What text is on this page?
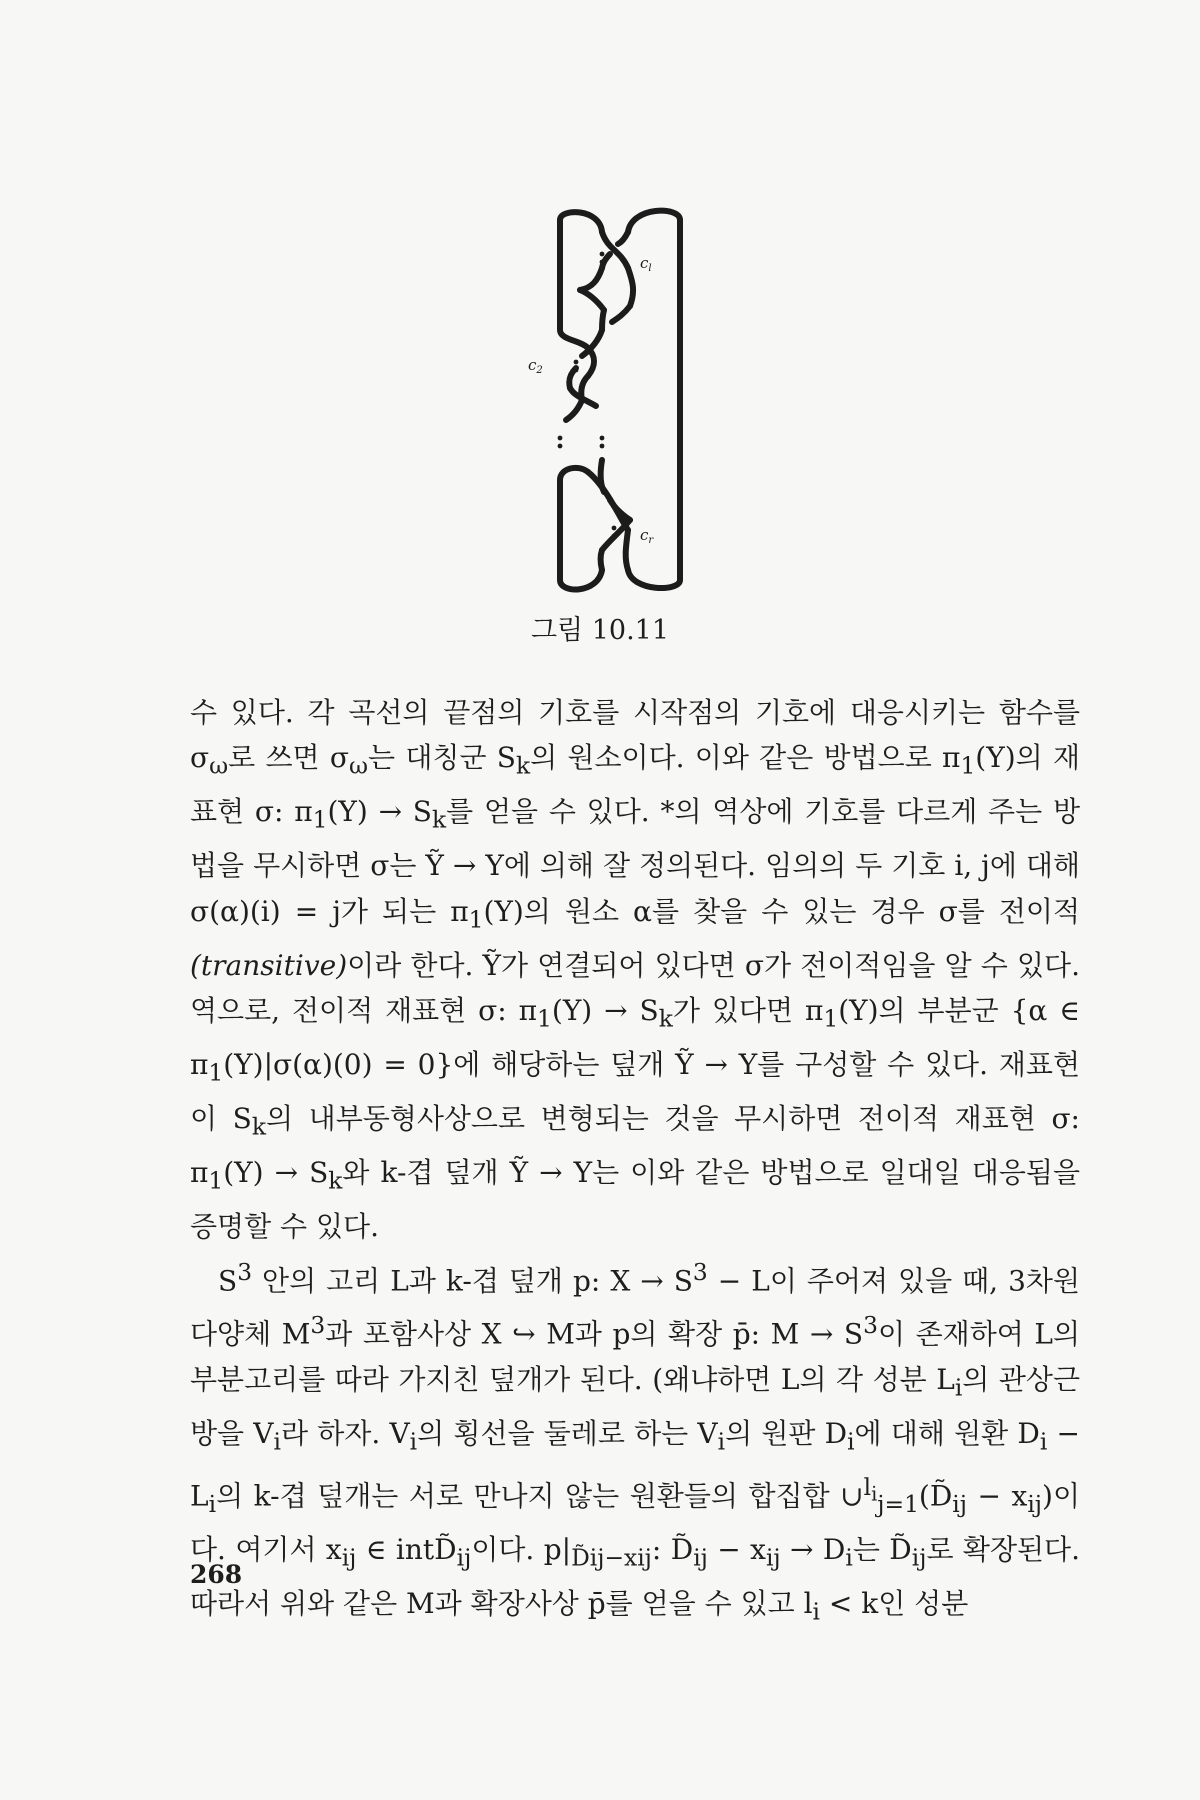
$c_l$
$c_2$
$c_r$
그림 10.11

수 있다. 각 곡선의 끝점의 기호를 시작점의 기호에 대응시키는 함수를 $\sigma_\omega$로 쓰면 $\sigma_\omega$는 대칭군 $S_k$의 원소이다. 이와 같은 방법으로 $\pi_1(Y)$의 재표현 σ: $\pi_1(Y) \to S_k$를 얻을 수 있다. *의 역상에 기호를 다르게 주는 방법을 무시하면 σ는 Ỹ → Y에 의해 잘 정의된다. 임의의 두 기호 i, j에 대해 σ(α)(i) = j가 되는 $\pi_1(Y)$의 원소 α를 찾을 수 있는 경우 σ를 전이적(transitive)이라 한다. Ỹ가 연결되어 있다면 σ가 전이적임을 알 수 있다. 역으로, 전이적 재표현 σ: $\pi_1(Y) \to S_k$가 있다면 $\pi_1(Y)$의 부분군 {α ∈ $\pi_1(Y)|\sigma(\alpha)(0) = 0$}에 해당하는 덮개 Ỹ → Y를 구성할 수 있다. 재표현이 $S_k$의 내부동형사상으로 변형되는 것을 무시하면 전이적 재표현 σ: $\pi_1(Y) \to S_k$와 k-겹 덮개 Ỹ → Y는 이와 같은 방법으로 일대일 대응됨을 증명할 수 있다.

$S^3$ 안의 고리 L과 k-겹 덮개 p: $X \to S^3 - L$이 주어져 있을 때, 3차원 다양체 $M^3$과 포함사상 X ↪ M과 p의 확장 p̄: $M \to S^3$이 존재하여 L의 부분고리를 따라 가지친 덮개가 된다. (왜냐하면 L의 각 성분 $L_i$의 관상근방을 $V_i$라 하자. $V_i$의 횡선을 둘레로 하는 $V_i$의 원판 $D_i$에 대해 원환 $D_i - L_i$의 k-겹 덮개는 서로 만나지 않는 원환들의 합집합 $\cup^{l_i}_{j=1}(D̃_{ij} - x_{ij})$이다. 여기서 $x_{ij}$ ∈ $intD̃_{ij}$이다. $p|_{D̃ij-xij}$: $D̃_{ij} - x_{ij} \to D_i$는 $D̃_{ij}$로 확장된다. 따라서 위와 같은 M과 확장사상 p̄를 얻을 수 있고 $l_i < k$인 성분

268
